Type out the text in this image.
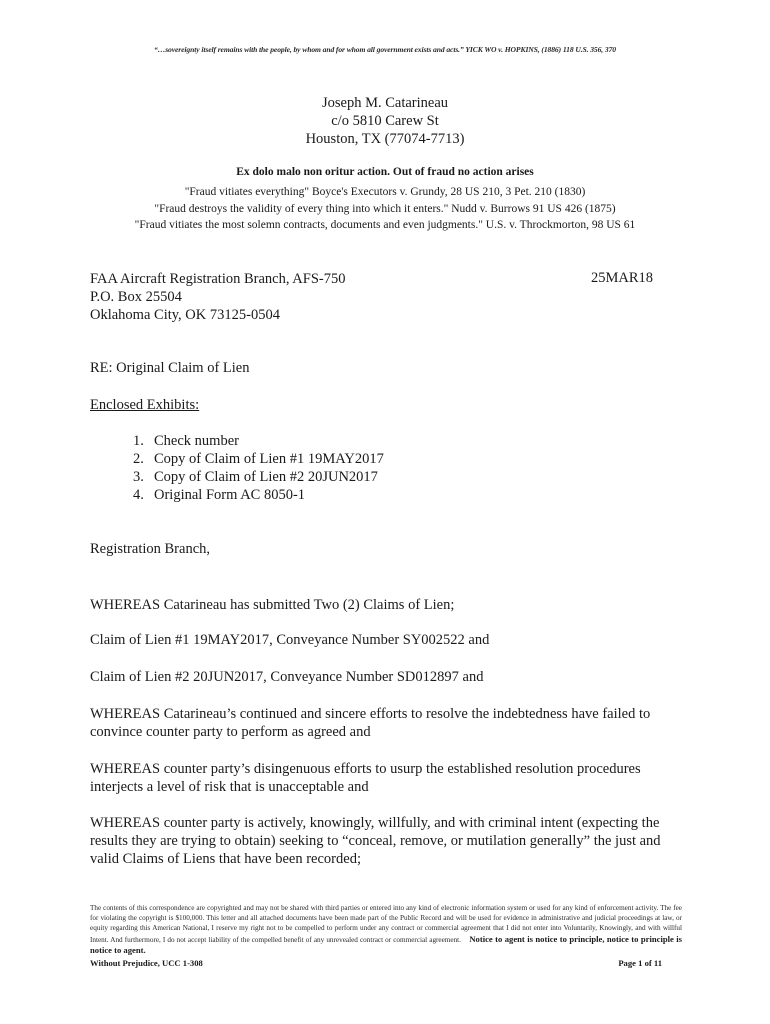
“…sovereignty itself remains with the people, by whom and for whom all government exists and acts.” YICK WO v. HOPKINS, (1886) 118 U.S. 356, 370
Joseph M. Catarineau
c/o 5810 Carew St
Houston, TX (77074-7713)
Ex dolo malo non oritur action. Out of fraud no action arises
"Fraud vitiates everything" Boyce's Executors v. Grundy, 28 US 210, 3 Pet. 210 (1830)
"Fraud destroys the validity of every thing into which it enters." Nudd v. Burrows 91 US 426 (1875)
"Fraud vitiates the most solemn contracts, documents and even judgments." U.S. v. Throckmorton, 98 US 61
FAA Aircraft Registration Branch, AFS-750
P.O. Box 25504
Oklahoma City, OK 73125-0504
25MAR18
RE: Original Claim of Lien
Enclosed Exhibits:
1. Check number
2. Copy of Claim of Lien #1 19MAY2017
3. Copy of Claim of Lien #2 20JUN2017
4. Original Form AC 8050-1
Registration Branch,
WHEREAS Catarineau has submitted Two (2) Claims of Lien;
Claim of Lien #1 19MAY2017, Conveyance Number SY002522 and
Claim of Lien #2 20JUN2017, Conveyance Number SD012897 and
WHEREAS Catarineau’s continued and sincere efforts to resolve the indebtedness have failed to convince counter party to perform as agreed and
WHEREAS counter party’s disingenuous efforts to usurp the established resolution procedures interjects a level of risk that is unacceptable and
WHEREAS counter party is actively, knowingly, willfully, and with criminal intent (expecting the results they are trying to obtain) seeking to “conceal, remove, or mutilation generally” the just and valid Claims of Liens that have been recorded;
The contents of this correspondence are copyrighted and may not be shared with third parties or entered into any kind of electronic information system or used for any kind of enforcement activity. The fee for violating the copyright is $100,000. This letter and all attached documents have been made part of the Public Record and will be used for evidence in administrative and judicial proceedings at law, or equity regarding this American National, I reserve my right not to be compelled to perform under any contract or commercial agreement that I did not enter into Voluntarily, Knowingly, and with willful Intent. And furthermore, I do not accept liability of the compelled benefit of any unrevealed contract or commercial agreement. Notice to agent is notice to principle, notice to principle is notice to agent.
Without Prejudice, UCC 1-308	Page 1 of 11
